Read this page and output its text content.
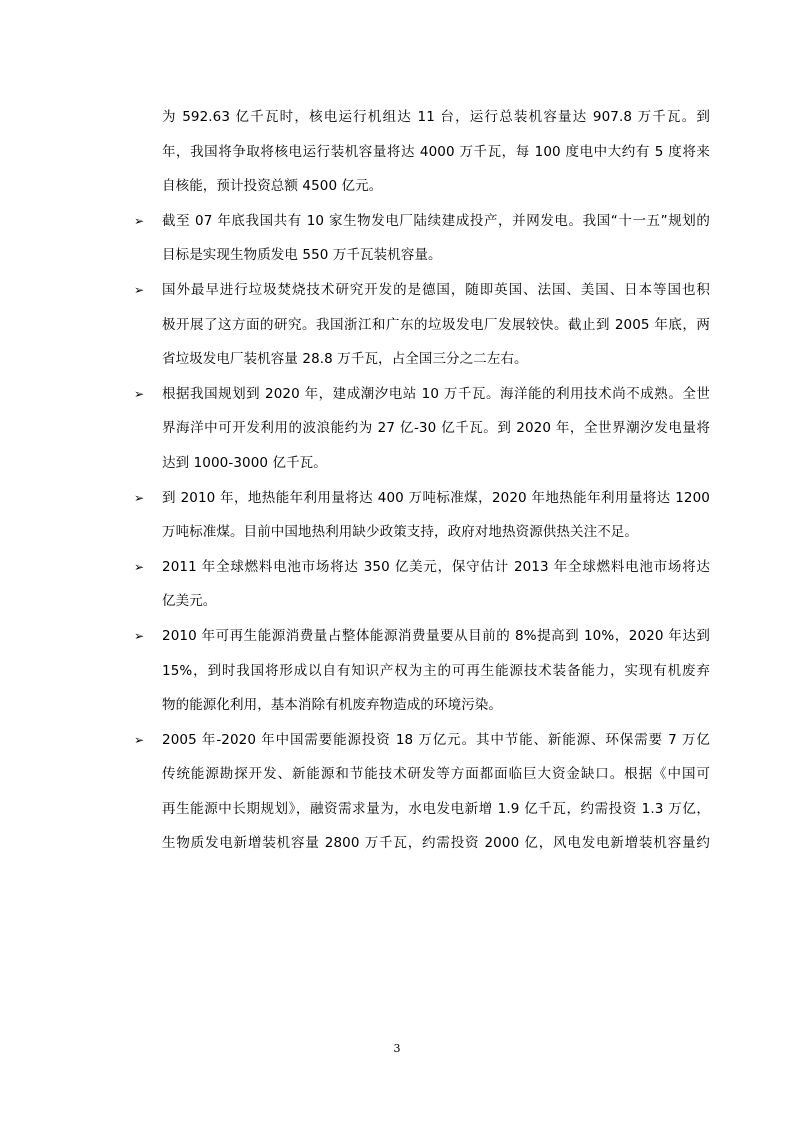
为 592.63 亿千瓦时，核电运行机组达 11 台，运行总装机容量达 907.8 万千瓦。到
年，我国将争取将核电运行装机容量将达 4000 万千瓦，每 100 度电中大约有 5 度将来
自核能，预计投资总额 4500 亿元。
➢ 截至 07 年底我国共有 10 家生物发电厂陆续建成投产，并网发电。我国“十一五”规划的
目标是实现生物质发电 550 万千瓦装机容量。
➢ 国外最早进行垃圾焚烧技术研究开发的是德国，随即英国、法国、美国、日本等国也积
极开展了这方面的研究。我国浙江和广东的垃圾发电厂发展较快。截止到 2005 年底，两
省垃圾发电厂装机容量 28.8 万千瓦，占全国三分之二左右。
➢ 根据我国规划到 2020 年，建成潮汐电站 10 万千瓦。海洋能的利用技术尚不成熟。全世
界海洋中可开发利用的波浪能约为 27 亿-30 亿千瓦。到 2020 年，全世界潮汐发电量将
达到 1000-3000 亿千瓦。
➢ 到 2010 年，地热能年利用量将达 400 万吨标准煤，2020 年地热能年利用量将达 1200
万吨标准煤。目前中国地热利用缺少政策支持，政府对地热资源供热关注不足。
➢ 2011 年全球燃料电池市场将达 350 亿美元，保守估计 2013 年全球燃料电池市场将达
亿美元。
➢ 2010 年可再生能源消费量占整体能源消费量要从目前的 8%提高到 10%，2020 年达到
15%，到时我国将形成以自有知识产权为主的可再生能源技术装备能力，实现有机废弃
物的能源化利用，基本消除有机废弃物造成的环境污染。
➢ 2005 年-2020 年中国需要能源投资 18 万亿元。其中节能、新能源、环保需要 7 万亿
传统能源勘探开发、新能源和节能技术研发等方面都面临巨大资金缺口。根据《中国可
再生能源中长期规划》，融资需求量为，水电发电新增 1.9 亿千瓦，约需投资 1.3 万亿，
生物质发电新增装机容量 2800 万千瓦，约需投资 2000 亿，风电发电新增装机容量约
3
